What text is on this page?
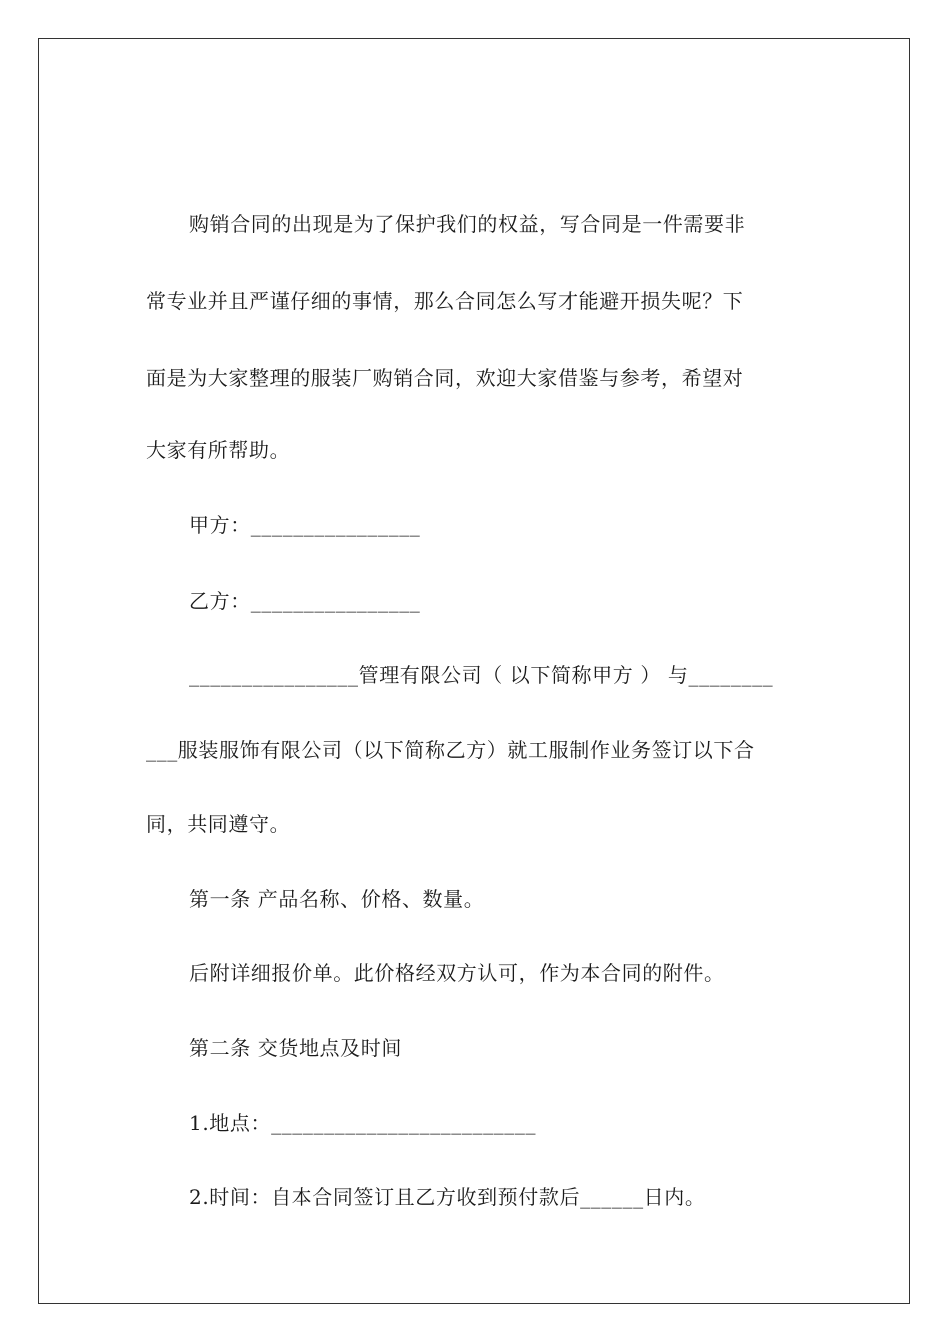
购销合同的出现是为了保护我们的权益，写合同是一件需要非
常专业并且严谨仔细的事情，那么合同怎么写才能避开损失呢？下
面是为大家整理的服装厂购销合同，欢迎大家借鉴与参考，希望对
大家有所帮助。
甲方：________________
乙方：________________
________________管理有限公司（ 以下简称甲方 ） 与________
___服装服饰有限公司（以下简称乙方）就工服制作业务签订以下合
同，共同遵守。
第一条 产品名称、价格、数量。
后附详细报价单。此价格经双方认可，作为本合同的附件。
第二条 交货地点及时间
1.地点：_________________________
2.时间：自本合同签订且乙方收到预付款后______日内。
